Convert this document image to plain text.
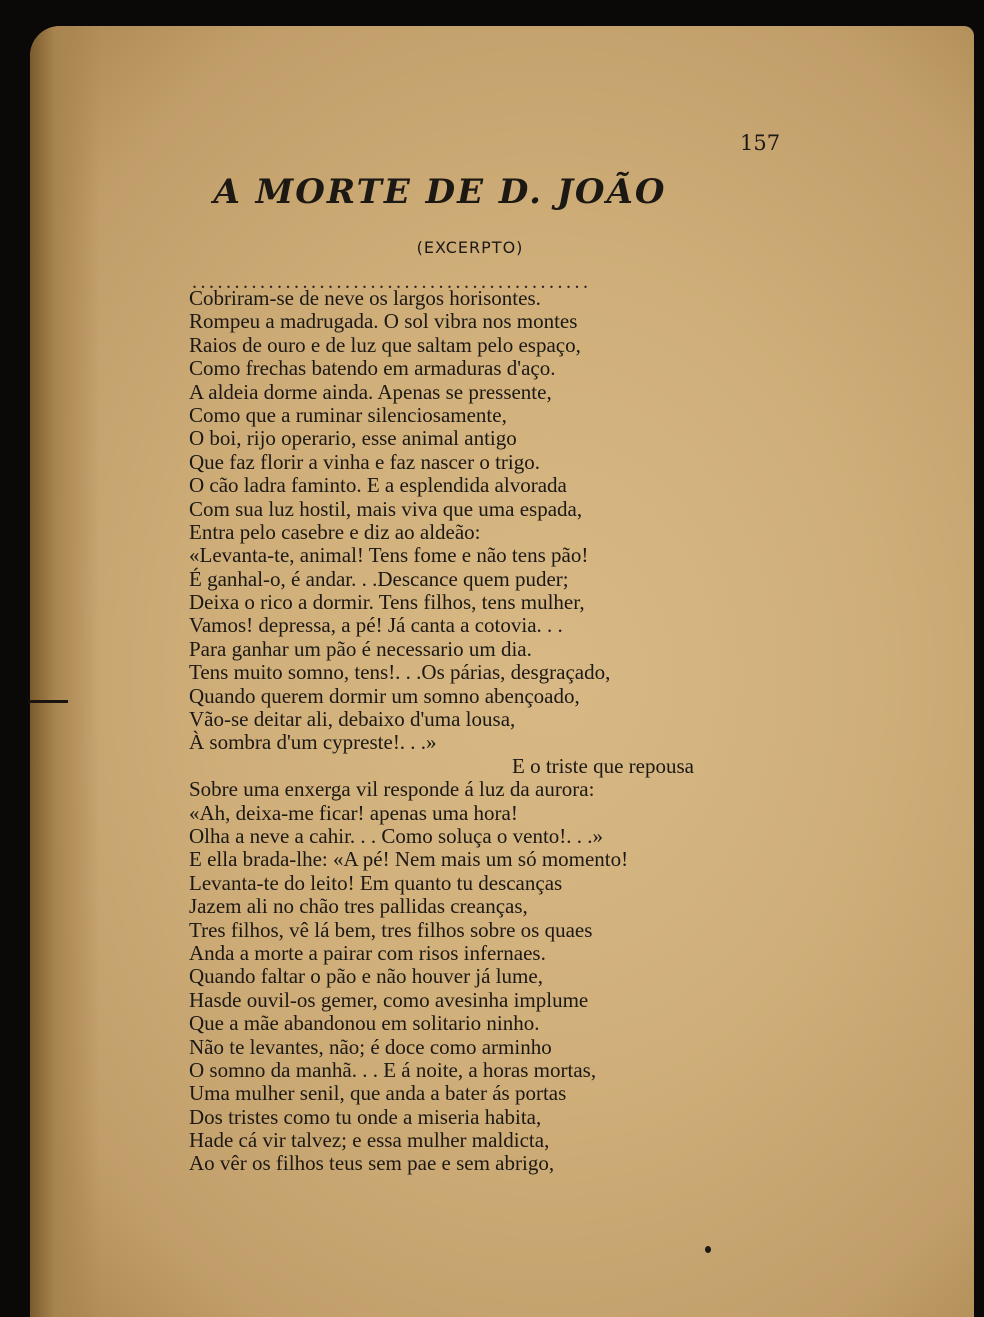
157

A MORTE DE D. JOÃO

(EXCERPTO)

...............................................

Cobriram-se de neve os largos horisontes.
Rompeu a madrugada. O sol vibra nos montes
Raios de ouro e de luz que saltam pelo espaço,
Como frechas batendo em armaduras d'aço.
A aldeia dorme ainda. Apenas se pressente,
Como que a ruminar silenciosamente,
O boi, rijo operario, esse animal antigo
Que faz florir a vinha e faz nascer o trigo.
O cão ladra faminto. E a esplendida alvorada
Com sua luz hostil, mais viva que uma espada,
Entra pelo casebre e diz ao aldeão:
«Levanta-te, animal! Tens fome e não tens pão!
É ganhal-o, é andar. . .Descance quem puder;
Deixa o rico a dormir. Tens filhos, tens mulher,
Vamos! depressa, a pé! Já canta a cotovia. . .
Para ganhar um pão é necessario um dia.
Tens muito somno, tens!. . .Os párias, desgraçado,
Quando querem dormir um somno abençoado,
Vão-se deitar ali, debaixo d'uma lousa,
À sombra d'um cypreste!. . .»
E o triste que repousa
Sobre uma enxerga vil responde á luz da aurora:
«Ah, deixa-me ficar! apenas uma hora!
Olha a neve a cahir. . . Como soluça o vento!. . .»
E ella brada-lhe: «A pé! Nem mais um só momento!
Levanta-te do leito! Em quanto tu descanças
Jazem ali no chão tres pallidas creanças,
Tres filhos, vê lá bem, tres filhos sobre os quaes
Anda a morte a pairar com risos infernaes.
Quando faltar o pão e não houver já lume,
Hasde ouvil-os gemer, como avesinha implume
Que a mãe abandonou em solitario ninho.
Não te levantes, não; é doce como arminho
O somno da manhã. . . E á noite, a horas mortas,
Uma mulher senil, que anda a bater ás portas
Dos tristes como tu onde a miseria habita,
Hade cá vir talvez; e essa mulher maldicta,
Ao vêr os filhos teus sem pae e sem abrigo,
